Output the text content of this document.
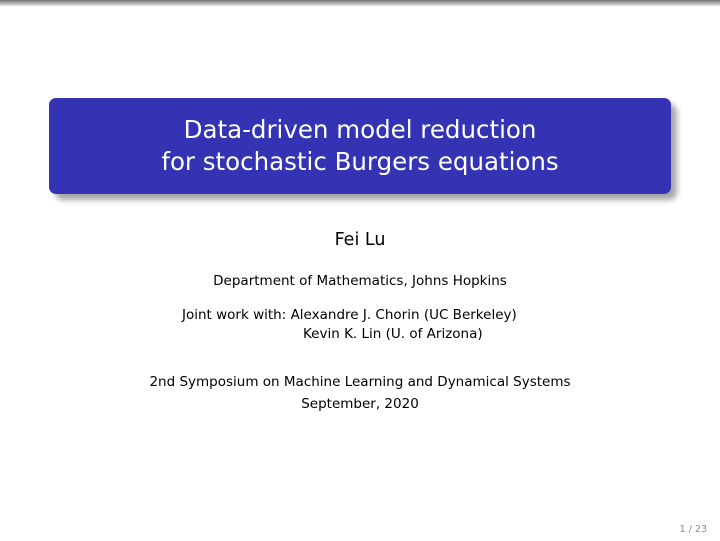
Data-driven model reduction
for stochastic Burgers equations
Fei Lu
Department of Mathematics, Johns Hopkins
Joint work with: Alexandre J. Chorin (UC Berkeley)
Kevin K. Lin (U. of Arizona)
2nd Symposium on Machine Learning and Dynamical Systems
September, 2020
1 / 23
